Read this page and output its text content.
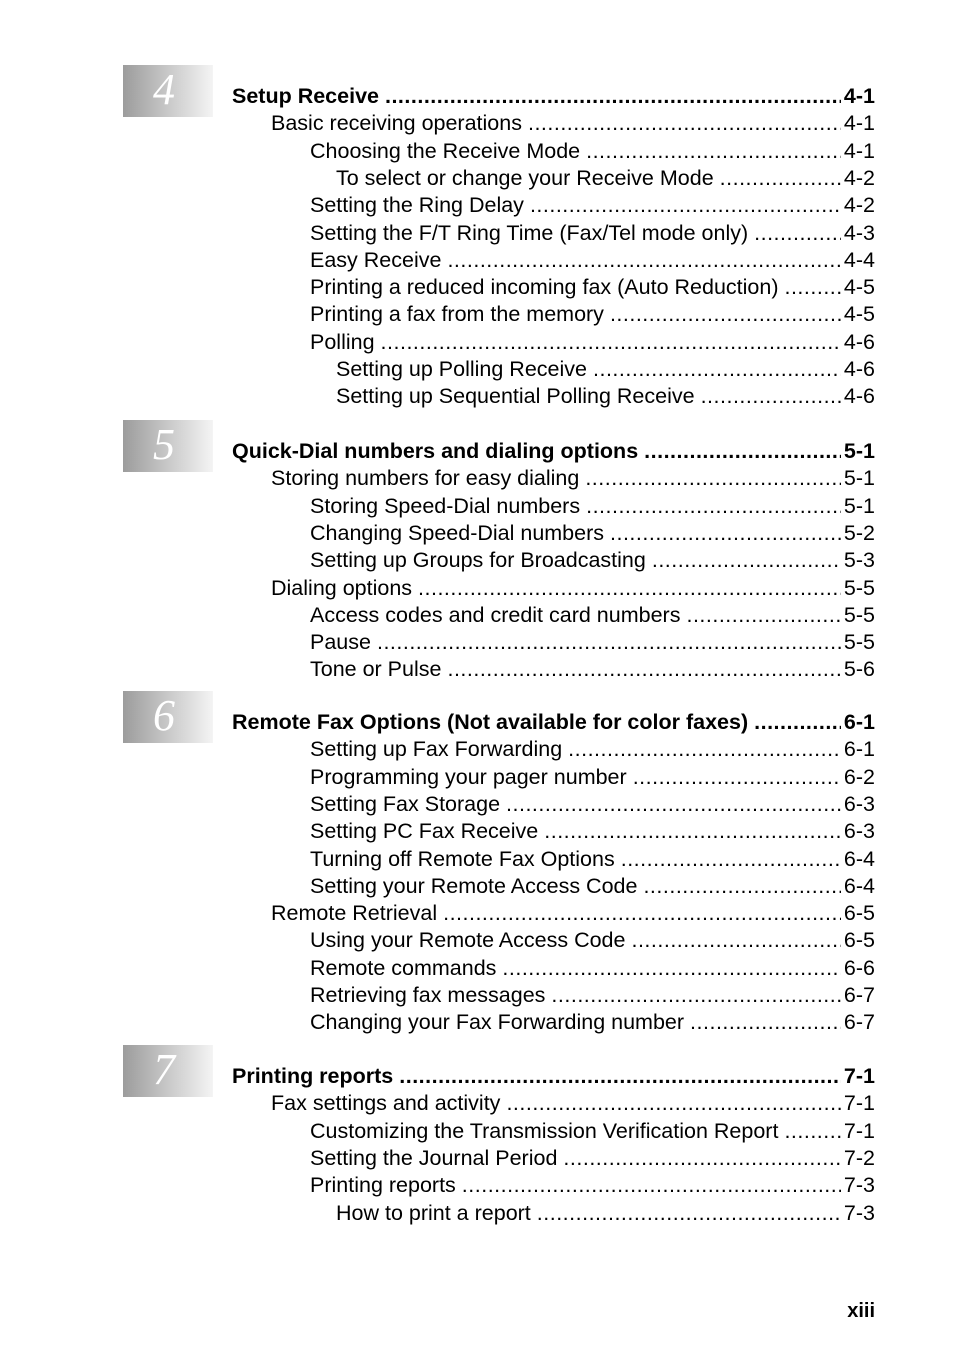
4	Setup Receive .....	4-1
Basic receiving operations .....	4-1
Choosing the Receive Mode .....	4-1
To select or change your Receive Mode .....	4-2
Setting the Ring Delay .....	4-2
Setting the F/T Ring Time (Fax/Tel mode only) .....	4-3
Easy Receive .....	4-4
Printing a reduced incoming fax (Auto Reduction) .....	4-5
Printing a fax from the memory .....	4-5
Polling .....	4-6
Setting up Polling Receive .....	4-6
Setting up Sequential Polling Receive .....	4-6
5	Quick-Dial numbers and dialing options .....	5-1
Storing numbers for easy dialing .....	5-1
Storing Speed-Dial numbers .....	5-1
Changing Speed-Dial numbers .....	5-2
Setting up Groups for Broadcasting .....	5-3
Dialing options .....	5-5
Access codes and credit card numbers .....	5-5
Pause .....	5-5
Tone or Pulse .....	5-6
6	Remote Fax Options (Not available for color faxes) .....	6-1
Setting up Fax Forwarding .....	6-1
Programming your pager number .....	6-2
Setting Fax Storage .....	6-3
Setting PC Fax Receive .....	6-3
Turning off Remote Fax Options .....	6-4
Setting your Remote Access Code .....	6-4
Remote Retrieval .....	6-5
Using your Remote Access Code .....	6-5
Remote commands .....	6-6
Retrieving fax messages .....	6-7
Changing your Fax Forwarding number .....	6-7
7	Printing reports .....	7-1
Fax settings and activity .....	7-1
Customizing the Transmission Verification Report .....	7-1
Setting the Journal Period .....	7-2
Printing reports .....	7-3
How to print a report .....	7-3
xiii
